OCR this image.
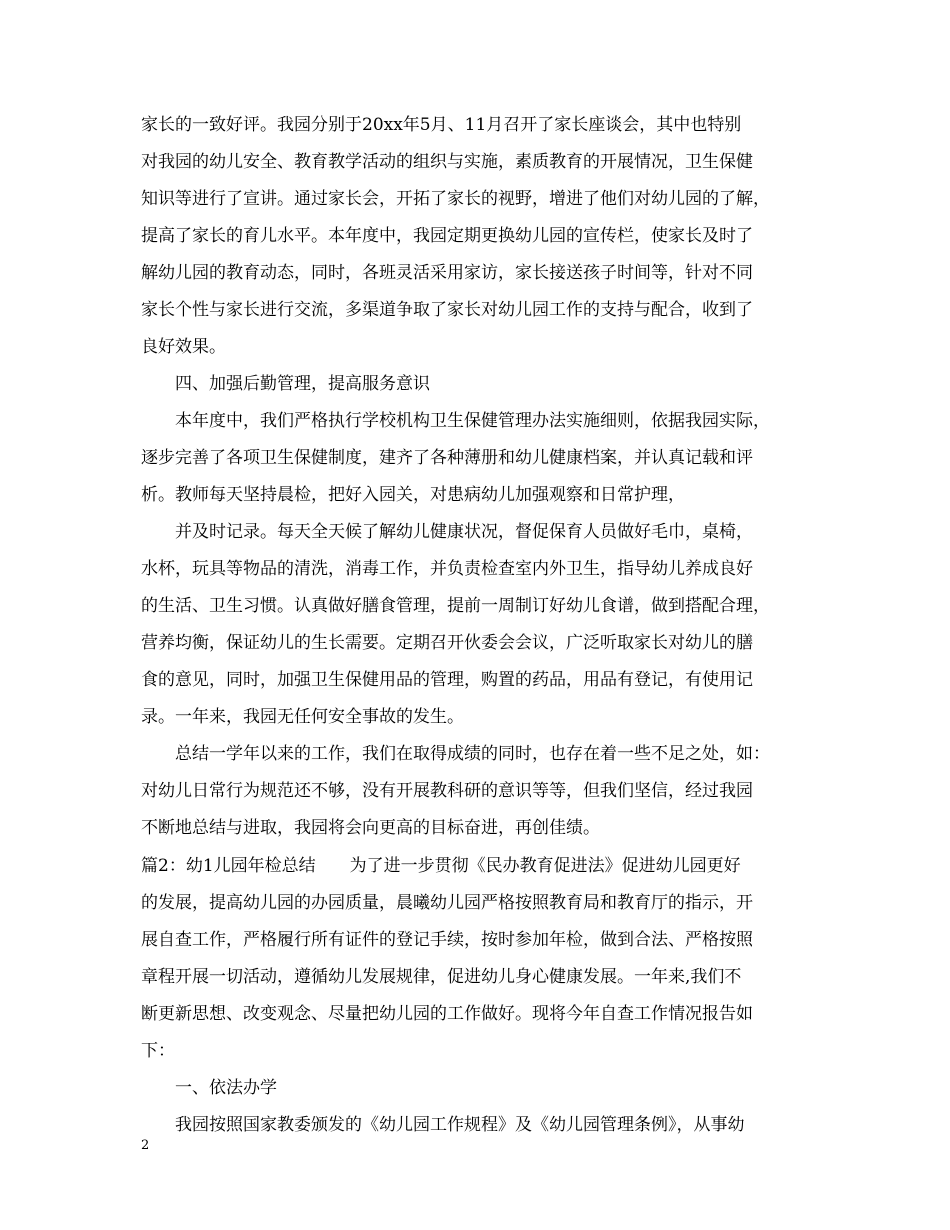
家长的一致好评。我园分别于20xx年5月、11月召开了家长座谈会，其中也特别
对我园的幼儿安全、教育教学活动的组织与实施，素质教育的开展情况，卫生保健
知识等进行了宣讲。通过家长会，开拓了家长的视野，增进了他们对幼儿园的了解，
提高了家长的育儿水平。本年度中，我园定期更换幼儿园的宣传栏，使家长及时了
解幼儿园的教育动态，同时，各班灵活采用家访，家长接送孩子时间等，针对不同
家长个性与家长进行交流，多渠道争取了家长对幼儿园工作的支持与配合，收到了
良好效果。
四、加强后勤管理，提高服务意识
本年度中，我们严格执行学校机构卫生保健管理办法实施细则，依据我园实际，
逐步完善了各项卫生保健制度，建齐了各种薄册和幼儿健康档案，并认真记载和评
析。教师每天坚持晨检，把好入园关，对患病幼儿加强观察和日常护理，
并及时记录。每天全天候了解幼儿健康状况，督促保育人员做好毛巾，桌椅，
水杯，玩具等物品的清洗，消毒工作，并负责检查室内外卫生，指导幼儿养成良好
的生活、卫生习惯。认真做好膳食管理，提前一周制订好幼儿食谱，做到搭配合理，
营养均衡，保证幼儿的生长需要。定期召开伙委会会议，广泛听取家长对幼儿的膳
食的意见，同时，加强卫生保健用品的管理，购置的药品，用品有登记，有使用记
录。一年来，我园无任何安全事故的发生。
总结一学年以来的工作，我们在取得成绩的同时，也存在着一些不足之处，如：
对幼儿日常行为规范还不够，没有开展教科研的意识等等，但我们坚信，经过我园
不断地总结与进取，我园将会向更高的目标奋进，再创佳绩。
篇2：幼1儿园年检总结　　为了进一步贯彻《民办教育促进法》促进幼儿园更好
的发展，提高幼儿园的办园质量，晨曦幼儿园严格按照教育局和教育厅的指示，开
展自查工作，严格履行所有证件的登记手续，按时参加年检，做到合法、严格按照
章程开展一切活动，遵循幼儿发展规律，促进幼儿身心健康发展。一年来,我们不
断更新思想、改变观念、尽量把幼儿园的工作做好。现将今年自查工作情况报告如
下：
一、依法办学
我园按照国家教委颁发的《幼儿园工作规程》及《幼儿园管理条例》，从事幼
2
